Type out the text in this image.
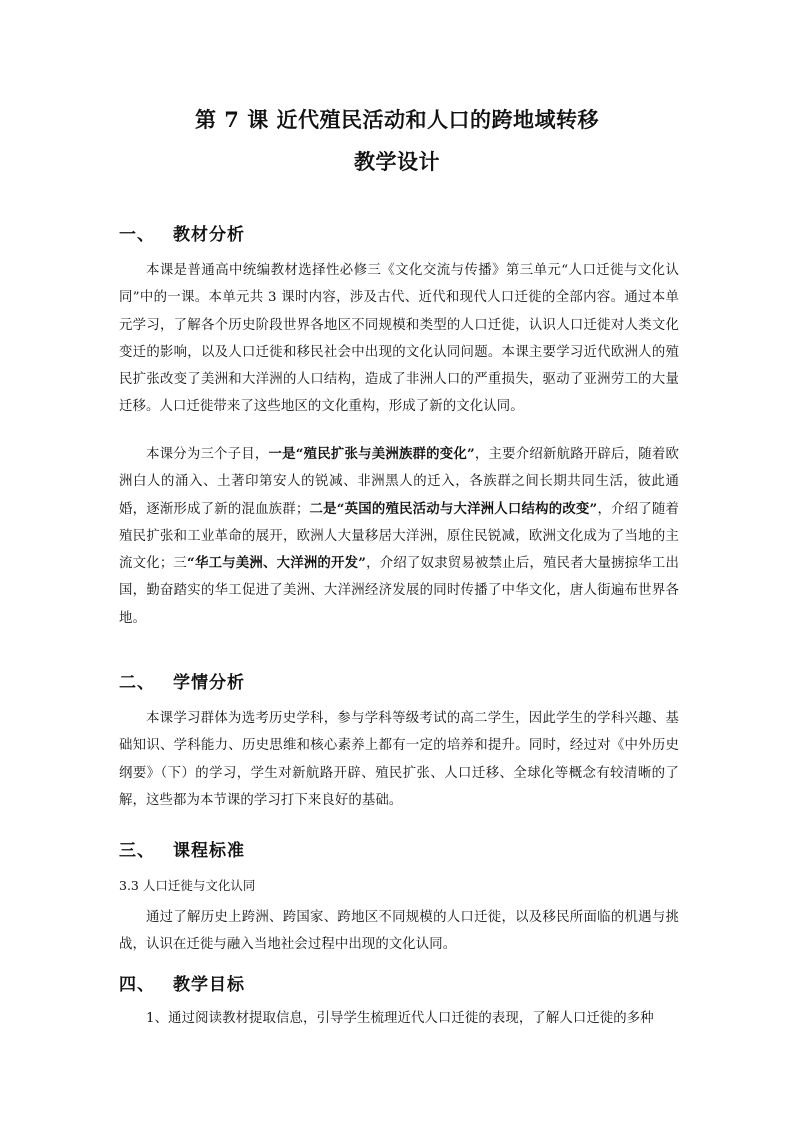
第 7 课 近代殖民活动和人口的跨地域转移
教学设计
一、 教材分析
本课是普通高中统编教材选择性必修三《文化交流与传播》第三单元“人口迁徙与文化认同”中的一课。本单元共 3 课时内容，涉及古代、近代和现代人口迁徙的全部内容。通过本单元学习，了解各个历史阶段世界各地区不同规模和类型的人口迁徙，认识人口迁徙对人类文化变迁的影响，以及人口迁徙和移民社会中出现的文化认同问题。本课主要学习近代欧洲人的殖民扩张改变了美洲和大洋洲的人口结构，造成了非洲人口的严重损失，驱动了亚洲劳工的大量迁移。人口迁徙带来了这些地区的文化重构，形成了新的文化认同。
本课分为三个子目，一是“殖民扩张与美洲族群的变化”，主要介绍新航路开辟后，随着欧洲白人的涌入、土著印第安人的锐减、非洲黑人的迁入，各族群之间长期共同生活，彼此通婚，逐渐形成了新的混血族群；二是“英国的殖民活动与大洋洲人口结构的改变”，介绍了随着殖民扩张和工业革命的展开，欧洲人大量移居大洋洲，原住民锐减，欧洲文化成为了当地的主流文化；三“华工与美洲、大洋洲的开发”，介绍了奴隶贸易被禁止后，殖民者大量掳掠华工出国，勤奋踏实的华工促进了美洲、大洋洲经济发展的同时传播了中华文化，唐人街遍布世界各地。
二、 学情分析
本课学习群体为选考历史学科，参与学科等级考试的高二学生，因此学生的学科兴趣、基础知识、学科能力、历史思维和核心素养上都有一定的培养和提升。同时，经过对《中外历史纲要》（下）的学习，学生对新航路开辟、殖民扩张、人口迁移、全球化等概念有较清晰的了解，这些都为本节课的学习打下来良好的基础。
三、 课程标准
3.3 人口迁徙与文化认同
通过了解历史上跨洲、跨国家、跨地区不同规模的人口迁徙，以及移民所面临的机遇与挑战，认识在迁徙与融入当地社会过程中出现的文化认同。
四、 教学目标
1、通过阅读教材提取信息，引导学生梳理近代人口迁徙的表现，了解人口迁徙的多种
